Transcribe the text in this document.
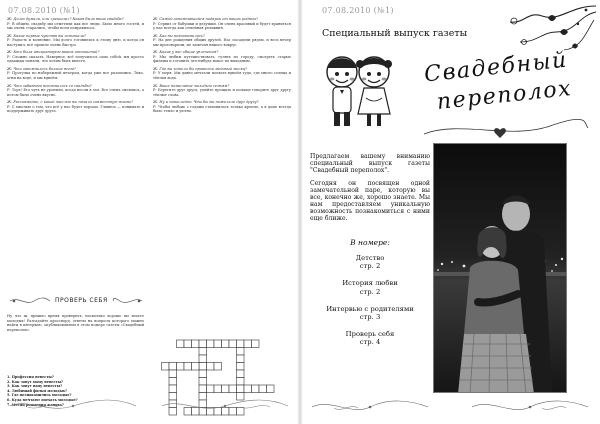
07.08.2010 (№1)

Ж: Долго думали, или «решили»? Какая была ваша свадьба?
Р: В общем, свадьбу мы отметили как все люди. Было много гостей, и мы очень старались, чтобы всем понравилось.

Ж: Какие первые чувства вы испытали?
Р: Радость и волнение. Мы долго готовились к этому дню, и когда он наступил, всё прошло очень быстро.

Ж: Кто была инициатором ваших отношений?
Р: Сложно сказать. Наверное, всё получилось само собой, мы просто однажды поняли, что хотим быть вместе.

Ж: Что запомнилось больше всего?
Р: Прогулка по набережной вечером, когда уже все разошлись. Тихо, огни на воде, и мы вдвоём.

Ж: Что забавного вспомнилось со свадьбы?
Р: Торт! Его чуть не уронили, когда несли в зал. Все очень смеялись, а потом было очень вкусно.

Ж: Расскажите, с какой мыслью вы начали совместную жизнь?
Р: С мыслью о том, что всё у нас будет хорошо. Главное — понимать и поддерживать друг друга.

Ж: Самый запомнившийся подарок от ваших родных?
Р: Сервиз от бабушки и дедушки. Он очень красивый и будет храниться у нас всегда как семейная реликвия.

Ж: Как вы познакомились?
Р: На дне рождения общих друзей. Нас посадили рядом, и весь вечер мы проговорили, не замечая никого вокруг.

Ж: Какие у вас общие увлечения?
Р: Мы любим путешествовать, гулять по городу, смотреть старые фильмы и готовить что-нибудь новое по выходным.

Ж: Где вы хотели бы провести медовый месяц?
Р: У моря. Мы давно мечтали поехать вдвоём туда, где много солнца и тёплая вода.

Ж: Ваше пожелание молодым семьям?
Р: Берегите друг друга, умейте прощать и почаще говорите друг другу тёплые слова.

Ж: Ну и напоследок: Что бы вы пожелали друг другу?
Р: Чтобы любовь с годами становилась только крепче, а в доме всегда было тепло и уютно.

ПРОВЕРЬ СЕБЯ

Ну что ж, пришло время проверить, насколько хорошо вы знаете молодых! Разгадайте кроссворд, ответы на вопросы которого можно найти в интервью, опубликованном в этом номере газеты «Свадебный переполох».

1. Профессия невесты?
2. Как зовут маму невесты?
3. Как зовут папу невесты?
4. Любимый фильм молодых?
5. Где познакомились молодые?
6. Куда мечтают поехать молодые?
7. Месяц рождения жениха?
07.08.2010 (№1)
Специальный выпуск газеты
Свадебный
переполох

Предлагаем вашему вниманию специальный выпуск газеты "Свадебный переполох".

Сегодня он посвящен одной замечательной паре, которую вы все, конечно же, хорошо знаете. Мы нам предоставляем уникальную возможность познакомиться с ними еще ближе.

В номере:
Детство
стр. 2
История любви
стр. 2
Интервью с родителями
стр. 3
Проверь себя
стр. 4
